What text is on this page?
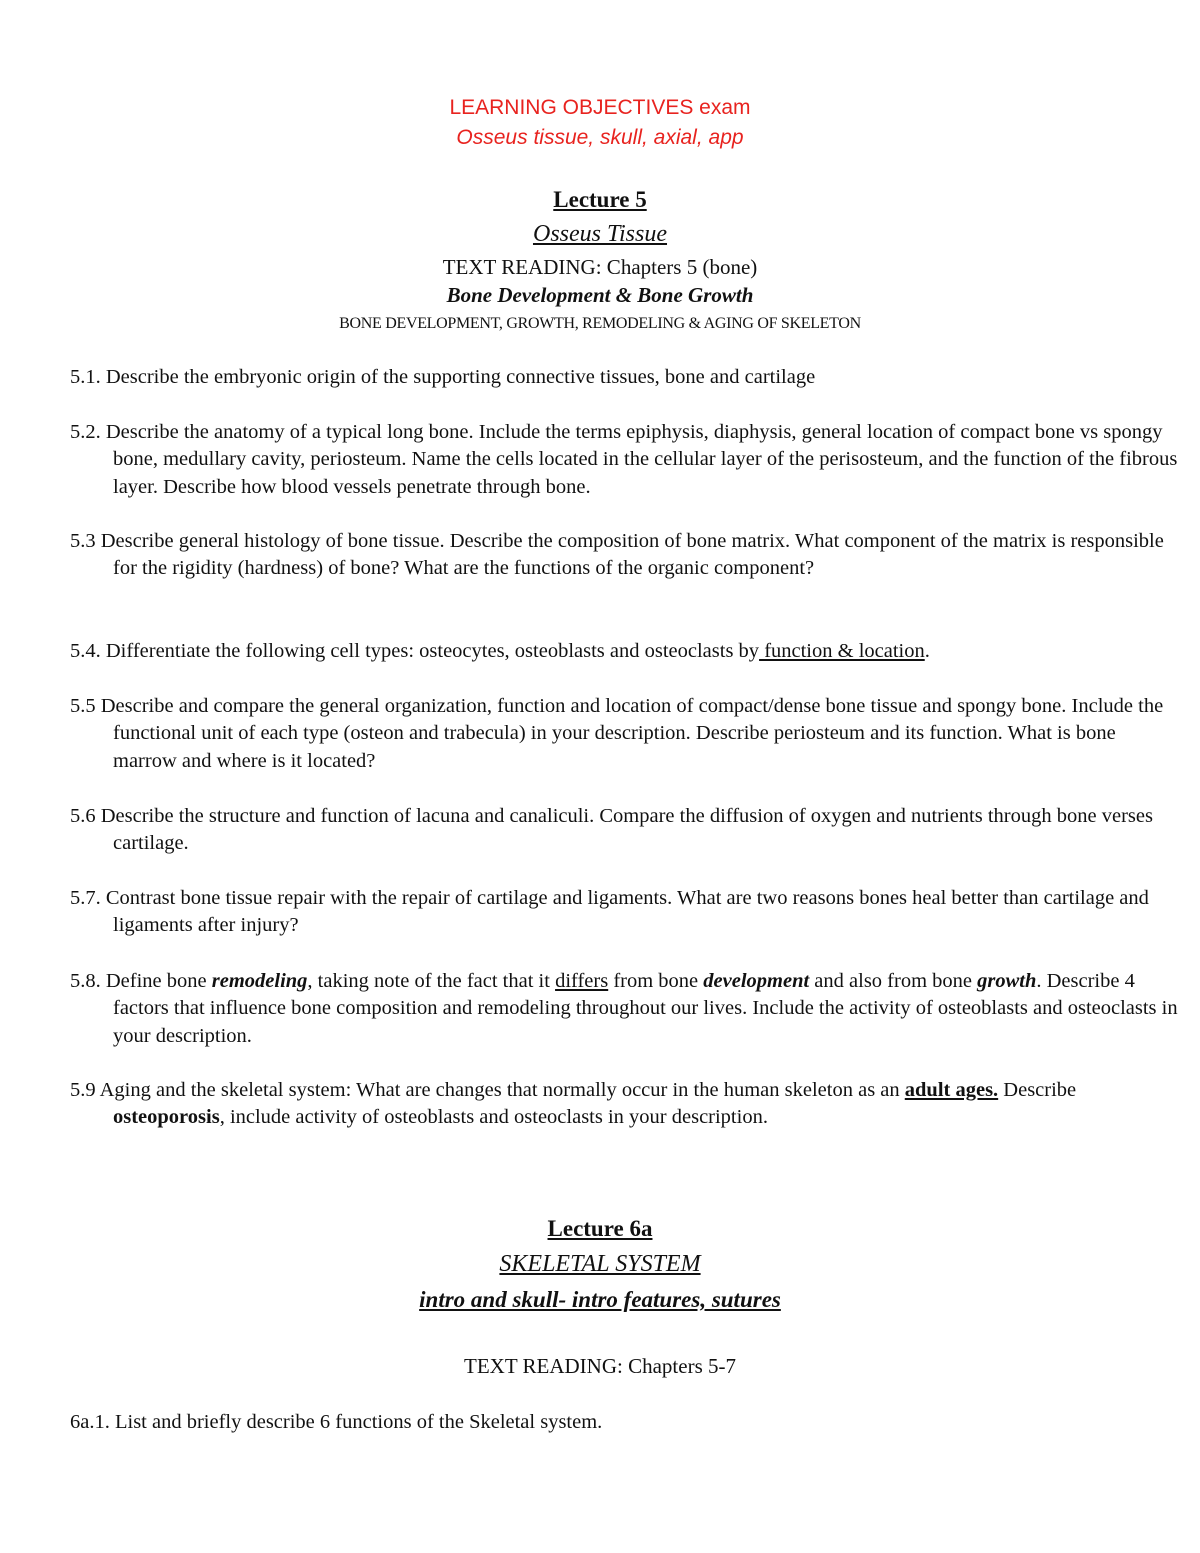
LEARNING OBJECTIVES exam
Osseus tissue, skull, axial, app
Lecture 5
Osseus Tissue
TEXT READING: Chapters 5 (bone)
Bone Development & Bone Growth
BONE DEVELOPMENT, GROWTH, REMODELING & AGING OF SKELETON
5.1. Describe the embryonic origin of the supporting connective tissues, bone and cartilage
5.2. Describe the anatomy of a typical long bone. Include the terms epiphysis, diaphysis, general location of compact bone vs spongy bone, medullary cavity, periosteum. Name the cells located in the cellular layer of the perisosteum, and the function of the fibrous layer. Describe how blood vessels penetrate through bone.
5.3 Describe general histology of bone tissue. Describe the composition of bone matrix. What component of the matrix is responsible for the rigidity (hardness) of bone? What are the functions of the organic component?
5.4. Differentiate the following cell types: osteocytes, osteoblasts and osteoclasts by function & location.
5.5 Describe and compare the general organization, function and location of compact/dense bone tissue and spongy bone. Include the functional unit of each type (osteon and trabecula) in your description. Describe periosteum and its function. What is bone marrow and where is it located?
5.6 Describe the structure and function of lacuna and canaliculi. Compare the diffusion of oxygen and nutrients through bone verses cartilage.
5.7. Contrast bone tissue repair with the repair of cartilage and ligaments. What are two reasons bones heal better than cartilage and ligaments after injury?
5.8. Define bone remodeling, taking note of the fact that it differs from bone development and also from bone growth. Describe 4 factors that influence bone composition and remodeling throughout our lives. Include the activity of osteoblasts and osteoclasts in your description.
5.9 Aging and the skeletal system: What are changes that normally occur in the human skeleton as an adult ages. Describe osteoporosis, include activity of osteoblasts and osteoclasts in your description.
Lecture 6a
SKELETAL SYSTEM
intro and skull- intro features, sutures
TEXT READING: Chapters 5-7
6a.1. List and briefly describe 6 functions of the Skeletal system.
